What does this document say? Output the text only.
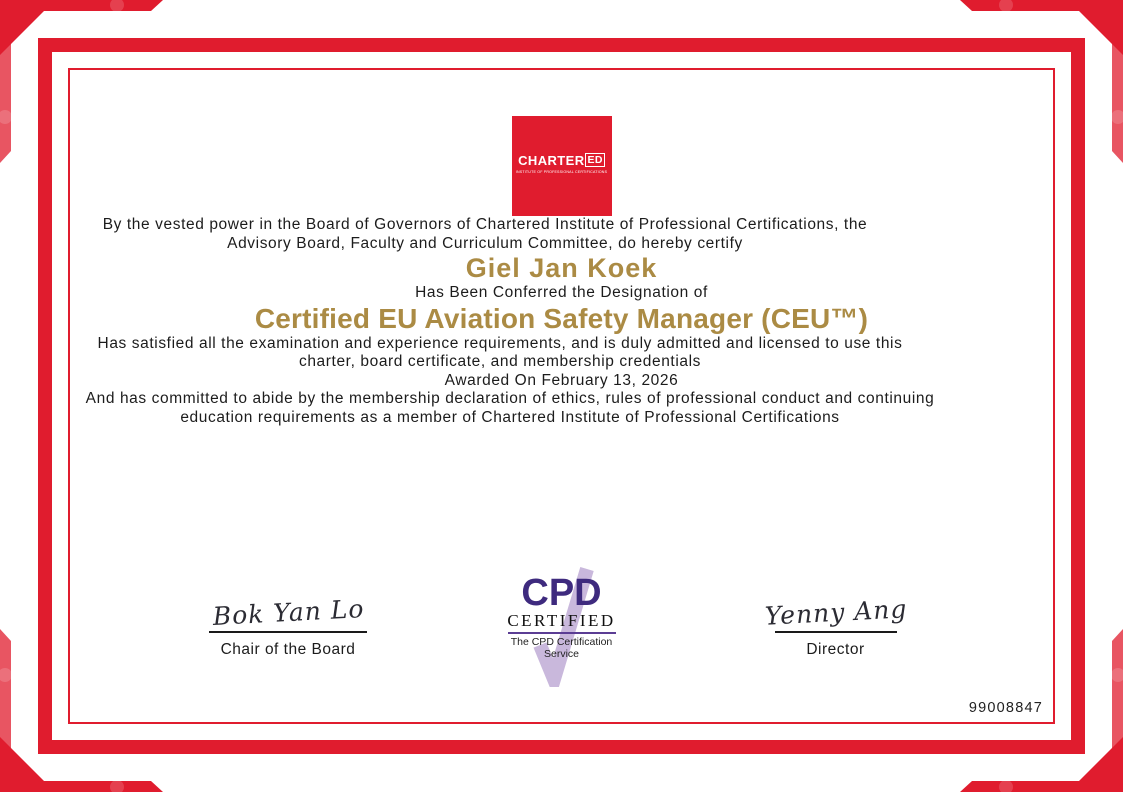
CHARTER ED
INSTITUTE OF PROFESSIONAL CERTIFICATIONS

By the vested power in the Board of Governors of Chartered Institute of Professional Certifications, the Advisory Board, Faculty and Curriculum Committee, do hereby certify

Giel Jan Koek

Has Been Conferred the Designation of

Certified EU Aviation Safety Manager (CEU™)

Has satisfied all the examination and experience requirements, and is duly admitted and licensed to use this charter, board certificate, and membership credentials

Awarded On February 13, 2026

And has committed to abide by the membership declaration of ethics, rules of professional conduct and continuing education requirements as a member of Chartered Institute of Professional Certifications

Bok Yan Lo
Chair of the Board
CPD
CERTIFIED
The CPD Certification
Service
Yenny Ang
Director
99008847
